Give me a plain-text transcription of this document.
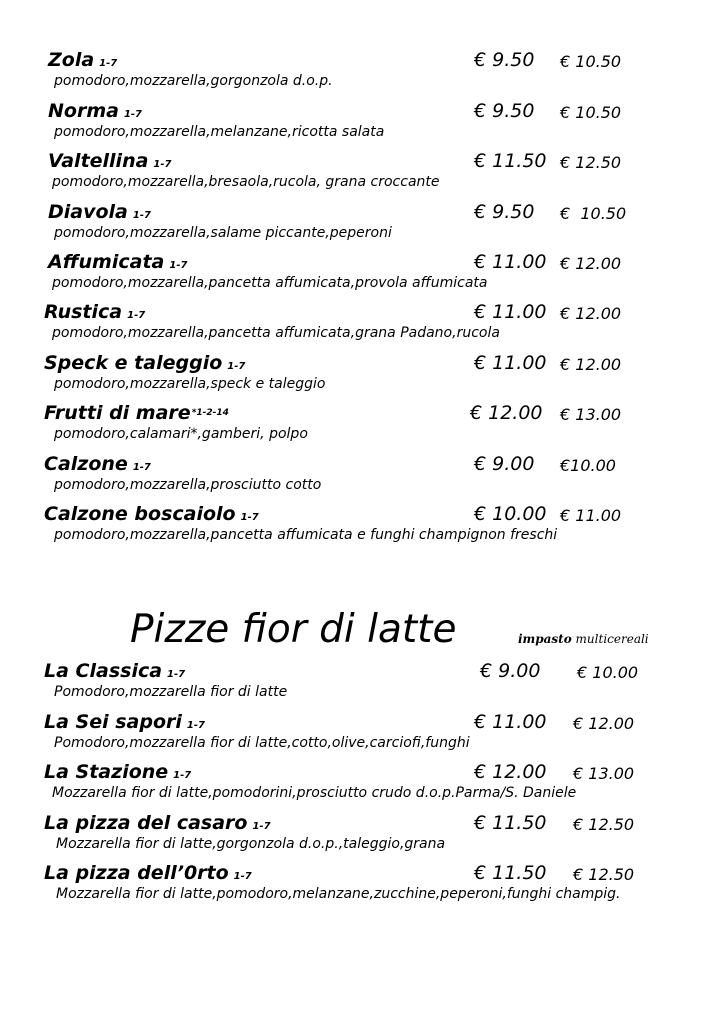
Zola 1-7	€ 9.50 € 10.50
pomodoro,mozzarella,gorgonzola d.o.p.
Norma 1-7	€ 9.50 € 10.50
pomodoro,mozzarella,melanzane,ricotta salata
Valtellina 1-7	€ 11.50 € 12.50
pomodoro,mozzarella,bresaola,rucola, grana croccante
Diavola 1-7	€ 9.50 €  10.50
pomodoro,mozzarella,salame piccante,peperoni
Affumicata 1-7	€ 11.00 € 12.00
pomodoro,mozzarella,pancetta affumicata,provola affumicata
Rustica 1-7	€ 11.00 € 12.00
pomodoro,mozzarella,pancetta affumicata,grana Padano,rucola
Speck e taleggio 1-7	€ 11.00 € 12.00
pomodoro,mozzarella,speck e taleggio
Frutti di mare$^{*1-2-14}$	€ 12.00 € 13.00
pomodoro,calamari*,gamberi, polpo
Calzone 1-7	€ 9.00 €10.00
pomodoro,mozzarella,prosciutto cotto
Calzone boscaiolo 1-7	€ 10.00 € 11.00
pomodoro,mozzarella,pancetta affumicata e funghi champignon freschi
Pizze fior di latte	impasto multicereali
La Classica 1-7	€ 9.00 € 10.00
Pomodoro,mozzarella fior di latte
La Sei sapori 1-7	€ 11.00 € 12.00
Pomodoro,mozzarella fior di latte,cotto,olive,carciofi,funghi
La Stazione 1-7	€ 12.00 € 13.00
Mozzarella fior di latte,pomodorini,prosciutto crudo d.o.p.Parma/S. Daniele
La pizza del casaro 1-7	€ 11.50 € 12.50
Mozzarella fior di latte,gorgonzola d.o.p.,taleggio,grana
La pizza dell’0rto 1-7	€ 11.50 € 12.50
Mozzarella fior di latte,pomodoro,melanzane,zucchine,peperoni,funghi champig.
